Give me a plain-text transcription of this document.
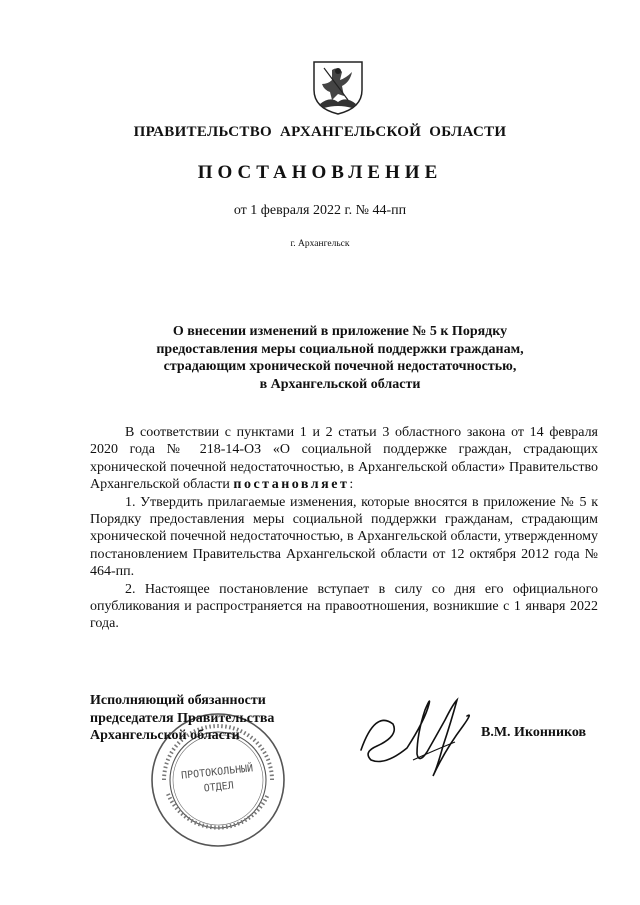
ПРАВИТЕЛЬСТВО АРХАНГЕЛЬСКОЙ ОБЛАСТИ
ПОСТАНОВЛЕНИЕ
от 1 февраля 2022 г. № 44-пп
г. Архангельск
О внесении изменений в приложение № 5 к Порядку
предоставления меры социальной поддержки гражданам,
страдающим хронической почечной недостаточностью,
в Архангельской области

В соответствии с пунктами 1 и 2 статьи 3 областного закона от 14 февраля 2020 года № 218-14-ОЗ «О социальной поддержке граждан, страдающих хронической почечной недостаточностью, в Архангельской области» Правительство Архангельской области постановляет:

1. Утвердить прилагаемые изменения, которые вносятся в приложение № 5 к Порядку предоставления меры социальной поддержки гражданам, страдающим хронической почечной недостаточностью, в Архангельской области, утвержденному постановлением Правительства Архангельской области от 12 октября 2012 года № 464-пп.

2. Настоящее постановление вступает в силу со дня его официального опубликования и распространяется на правоотношения, возникшие с 1 января 2022 года.

ПРОТОКОЛЬНЫЙ
ОТДЕЛ
Исполняющий обязанности
председателя Правительства
Архангельской области	В.М. Иконников
